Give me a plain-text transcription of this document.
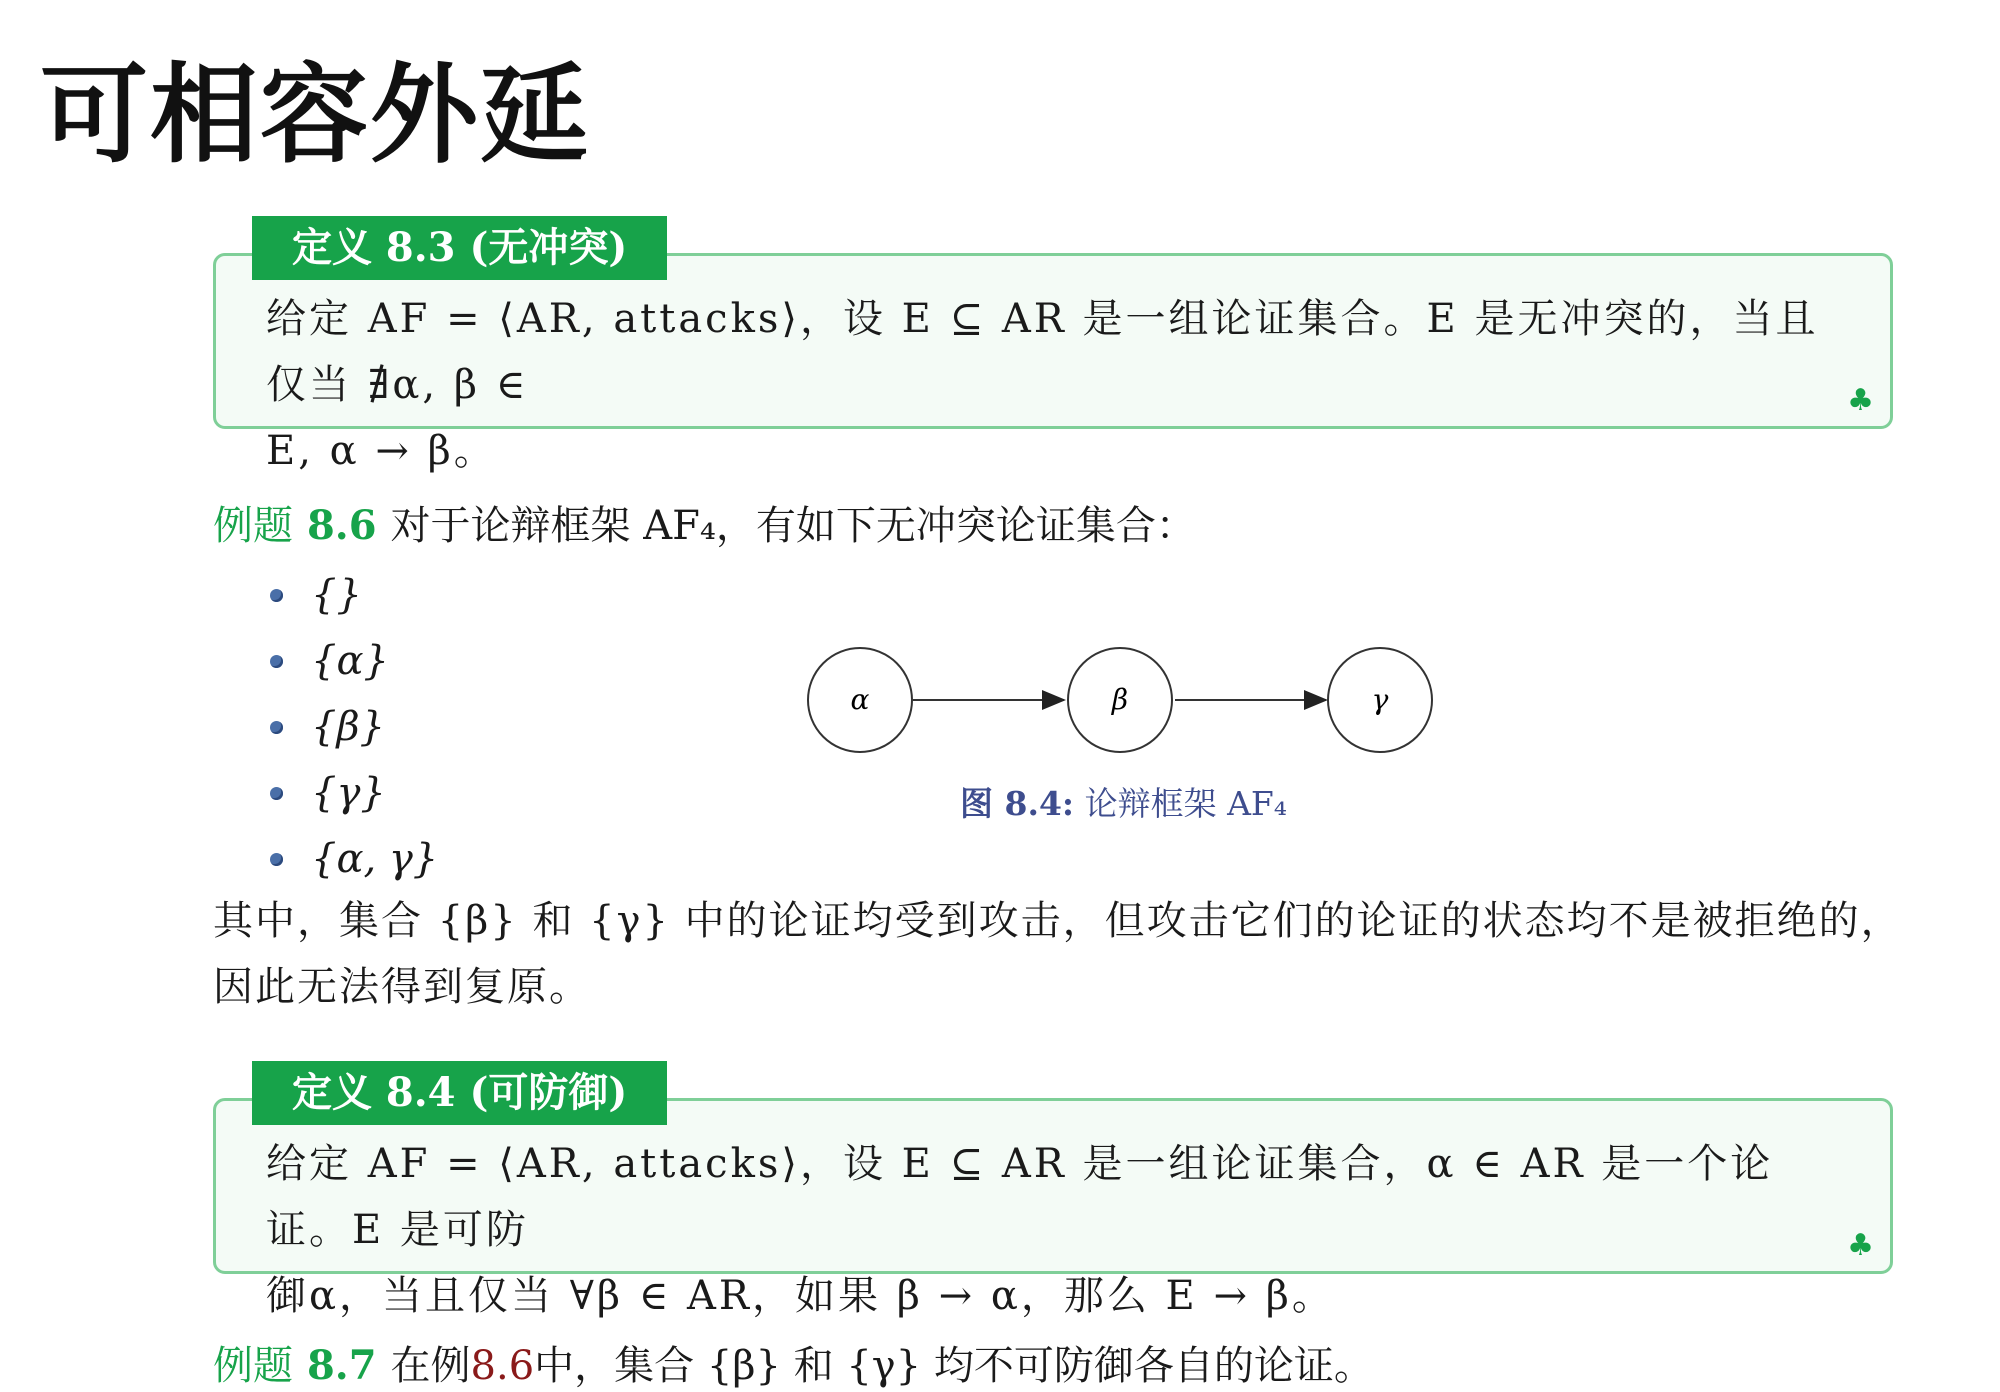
可相容外延
定义 8.3 (无冲突)
给定 AF = ⟨AR, attacks⟩，设 E ⊆ AR 是一组论证集合。E 是无冲突的，当且仅当 ∄α, β ∈
E, α → β。
♣
例题 8.6 对于论辩框架 AF₄，有如下无冲突论证集合：
{}
{α}
{β}
{γ}
{α, γ}
α	β	γ
图 8.4: 论辩框架 AF₄
其中，集合 {β} 和 {γ} 中的论证均受到攻击，但攻击它们的论证的状态均不是被拒绝的，因此无法得到复原。
定义 8.4 (可防御)
给定 AF = ⟨AR, attacks⟩，设 E ⊆ AR 是一组论证集合，α ∈ AR 是一个论证。E 是可防
御α，当且仅当 ∀β ∈ AR，如果 β → α，那么 E → β。
♣
例题 8.7 在例8.6中，集合 {β} 和 {γ} 均不可防御各自的论证。
